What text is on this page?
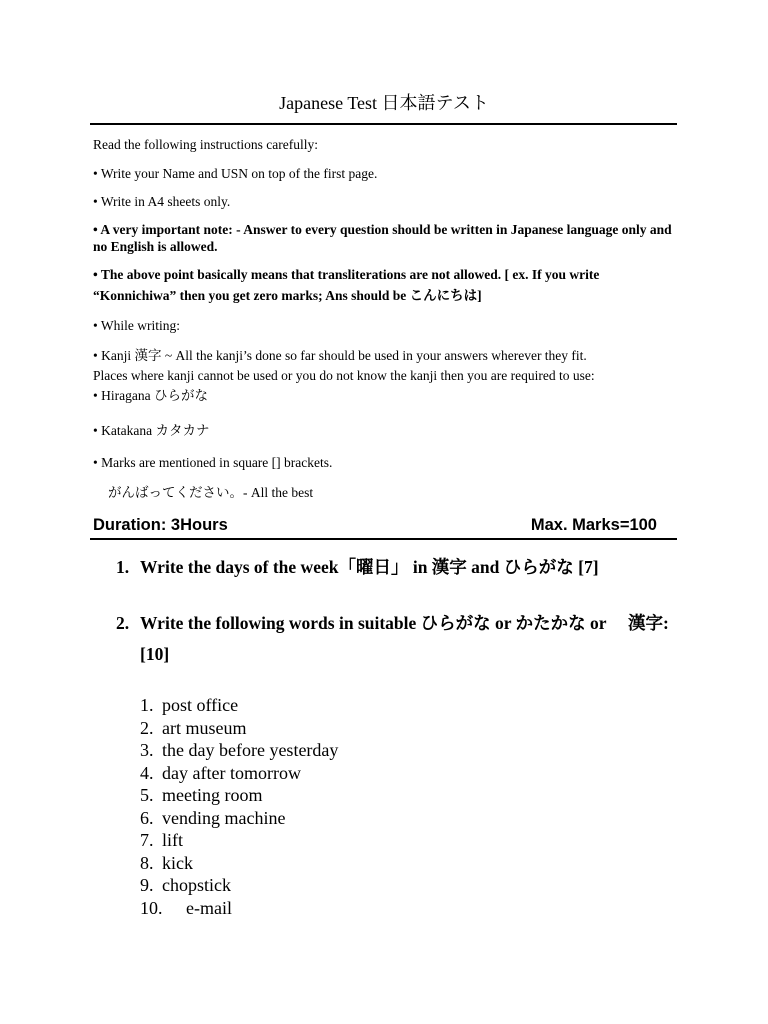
Japanese Test 日本語テスト
Read the following instructions carefully:
• Write your Name and USN on top of the first page.
• Write in A4 sheets only.
• A very important note: - Answer to every question should be written in Japanese language only and no English is allowed.
• The above point basically means that transliterations are not allowed. [ ex. If you write “Konnichiwa” then you get zero marks; Ans should be こんにちは]
• While writing:
• Kanji 漢字 ~ All the kanji’s done so far should be used in your answers wherever they fit.
Places where kanji cannot be used or you do not know the kanji then you are required to use:
• Hiragana ひらがな
• Katakana カタカナ
• Marks are mentioned in square [] brackets.
がんばってください。- All the best
Duration: 3Hours	Max. Marks=100
1. Write the days of the week「曜日」 in 漢字 and ひらがな [7]
2. Write the following words in suitable ひらがな or かたかな or     漢字:   [10]
1. post office
2. art museum
3. the day before yesterday
4. day after tomorrow
5. meeting room
6. vending machine
7. lift
8. kick
9. chopstick
10.	e-mail
